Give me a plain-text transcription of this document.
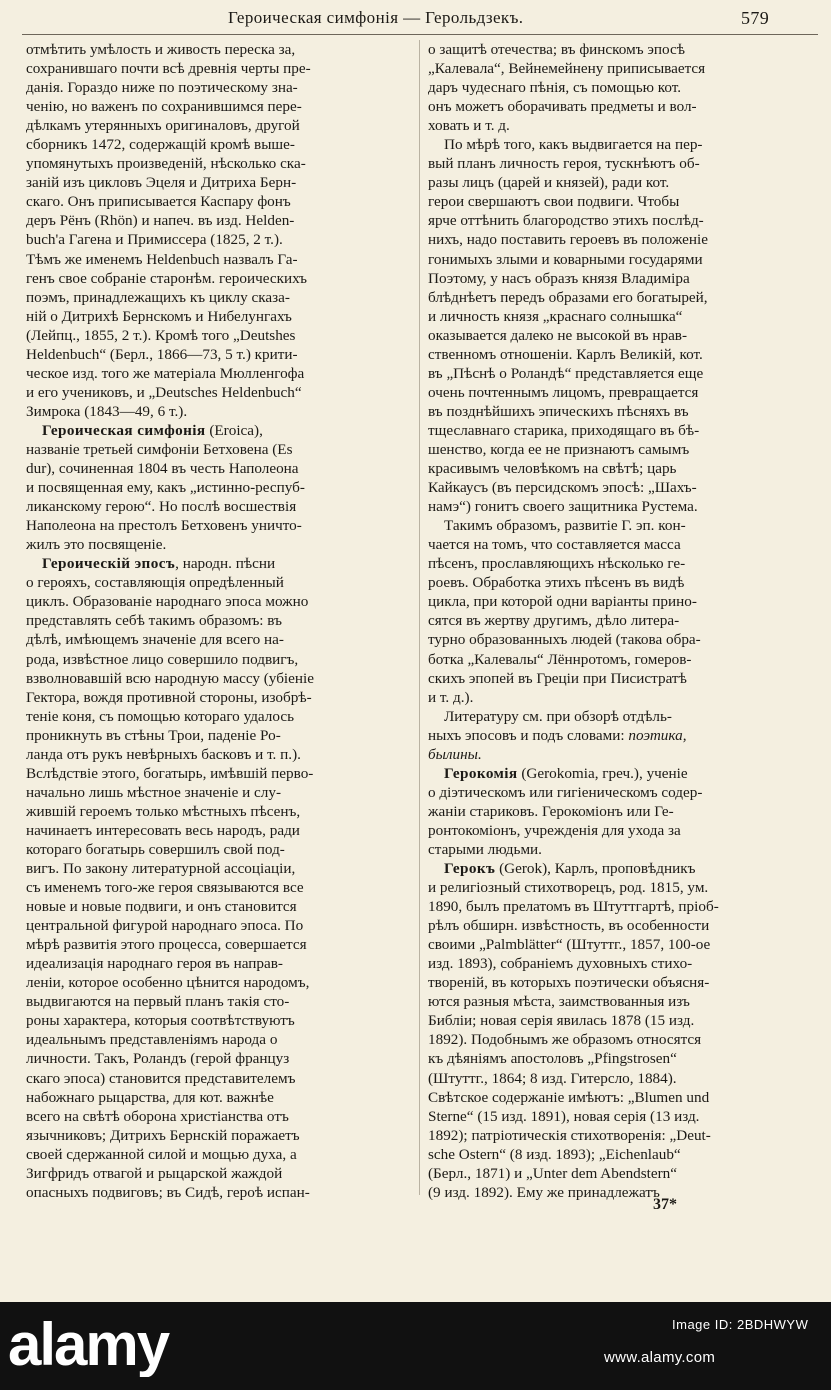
Героическая симфонія — Герольдзекъ.	579
отмѣтить умѣлость и живость переска за,
сохранившаго почти всѣ древнія черты пре-
данія. Гораздо ниже по поэтическому зна-
ченію, но важенъ по сохранившимся пере-
дѣлкамъ утерянныхъ оригиналовъ, другой
сборникъ 1472, содержащій кромѣ выше-
упомянутыхъ произведеній, нѣсколько ска-
заній изъ цикловъ Эцеля и Дитриха Берн-
скаго. Онъ приписывается Каспару фонъ
деръ Рёнъ (Rhön) и напеч. въ изд. Helden-
buch'a Гагена и Примиссера (1825, 2 т.).
Тѣмъ же именемъ Heldenbuch назвалъ Га-
генъ свое собраніе старонѣм. героическихъ
поэмъ, принадлежащихъ къ циклу сказа-
ній о Дитрихѣ Бернскомъ и Нибелунгахъ
(Лейпц., 1855, 2 т.). Кромѣ того „Deutshes
Heldenbuch“ (Берл., 1866—73, 5 т.) крити-
ческое изд. того же матеріала Мюлленгофа
и его учениковъ, и „Deutsches Heldenbuch“
Зимрока (1843—49, 6 т.).
Героическая симфонія (Eroica),
названіе третьей симфоніи Бетховена (Es
dur), сочиненная 1804 въ честь Наполеона
и посвященная ему, какъ „истинно-респуб-
ликанскому герою“. Но послѣ восшествія
Наполеона на престолъ Бетховенъ уничто-
жилъ это посвященіе.
Героическій эпосъ, народн. пѣсни
о герояхъ, составляющія опредѣленный
циклъ. Образованіе народнаго эпоса можно
представлять себѣ такимъ образомъ: въ
дѣлѣ, имѣющемъ значеніе для всего на-
рода, извѣстное лицо совершило подвигъ,
взволновавшій всю народную массу (убіеніе
Гектора, вождя противной стороны, изобрѣ-
теніе коня, съ помощью котораго удалось
проникнуть въ стѣны Трои, паденіе Ро-
ланда отъ рукъ невѣрныхъ басковъ и т. п.).
Вслѣдствіе этого, богатырь, имѣвшій перво-
начально лишь мѣстное значеніе и слу-
жившій героемъ только мѣстныхъ пѣсенъ,
начинаетъ интересовать весь народъ, ради
котораго богатырь совершилъ свой под-
вигъ. По закону литературной ассоціаціи,
съ именемъ того-же героя связываются все
новые и новые подвиги, и онъ становится
центральной фигурой народнаго эпоса. По
мѣрѣ развитія этого процесса, совершается
идеализація народнаго героя въ направ-
леніи, которое особенно цѣнится народомъ,
выдвигаются на первый планъ такія сто-
роны характера, которыя соотвѣтствуютъ
идеальнымъ представленіямъ народа о
личности. Такъ, Роландъ (герой француз
скаго эпоса) становится представителемъ
набожнаго рыцарства, для кот. важнѣе
всего на свѣтѣ оборона христіанства отъ
язычниковъ; Дитрихъ Бернскій поражаетъ
своей сдержанной силой и мощью духа, а
Зигфридъ отвагой и рыцарской жаждой
опасныхъ подвиговъ; въ Сидѣ, героѣ испан-
о защитѣ отечества; въ финскомъ эпосѣ
„Калевала“, Вейнемейнену приписывается
даръ чудеснаго пѣнія, съ помощью кот.
онъ можетъ оборачивать предметы и вол-
ховать и т. д.
По мѣрѣ того, какъ выдвигается на пер-
вый планъ личность героя, тускнѣютъ об-
разы лицъ (царей и князей), ради кот.
герои свершаютъ свои подвиги. Чтобы
ярче оттѣнить благородство этихъ послѣд-
нихъ, надо поставить героевъ въ положеніе
гонимыхъ злыми и коварными государями
Поэтому, у насъ образъ князя Владиміра
блѣднѣетъ передъ образами его богатырей,
и личность князя „краснаго солнышка“
оказывается далеко не высокой въ нрав-
ственномъ отношеніи. Карлъ Великій, кот.
въ „Пѣснѣ о Роландѣ“ представляется еще
очень почтеннымъ лицомъ, превращается
въ позднѣйшихъ эпическихъ пѣсняхъ въ
тщеславнаго старика, приходящаго въ бѣ-
шенство, когда ее не признаютъ самымъ
красивымъ человѣкомъ на свѣтѣ; царь
Кайкаусъ (въ персидскомъ эпосѣ: „Шахъ-
намэ“) гонитъ своего защитника Рустема.
Такимъ образомъ, развитіе Г. эп. кон-
чается на томъ, что составляется масса
пѣсенъ, прославляющихъ нѣсколько ге-
роевъ. Обработка этихъ пѣсенъ въ видѣ
цикла, при которой одни варіанты прино-
сятся въ жертву другимъ, дѣло литера-
турно образованныхъ людей (такова обра-
ботка „Калевалы“ Лённротомъ, гомеров-
скихъ эпопей въ Греціи при Писистратѣ
и т. д.).
Литературу см. при обзорѣ отдѣль-
ныхъ эпосовъ и подъ словами: поэтика,
былины.
Герокомія (Gerokomia, греч.), ученіе
о діэтическомъ или гигіеническомъ содер-
жаніи стариковъ. Герокоміонъ или Ге-
ронтокоміонъ, учрежденія для ухода за
старыми людьми.
Герокъ (Gerok), Карлъ, проповѣдникъ
и религіозный стихотворецъ, род. 1815, ум.
1890, былъ прелатомъ въ Штуттгартѣ, пріоб-
рѣлъ обширн. извѣстность, въ особенности
своими „Palmblätter“ (Штуттг., 1857, 100-ое
изд. 1893), собраніемъ духовныхъ стихо-
твореній, въ которыхъ поэтически объясня-
ются разныя мѣста, заимствованныя изъ
Библіи; новая серія явилась 1878 (15 изд.
1892). Подобнымъ же образомъ относятся
къ дѣяніямъ апостоловъ „Pfingstrosen“
(Штуттг., 1864; 8 изд. Гитерсло, 1884).
Свѣтское содержаніе имѣютъ: „Blumen und
Sterne“ (15 изд. 1891), новая серія (13 изд.
1892); патріотическія стихотворенія: „Deut-
sche Ostern“ (8 изд. 1893); „Eichenlaub“
(Берл., 1871) и „Unter dem Abendstern“
(9 изд. 1892). Ему же принадлежатъ
37*
alamy	Image ID: 2BDHWYW
www.alamy.com
